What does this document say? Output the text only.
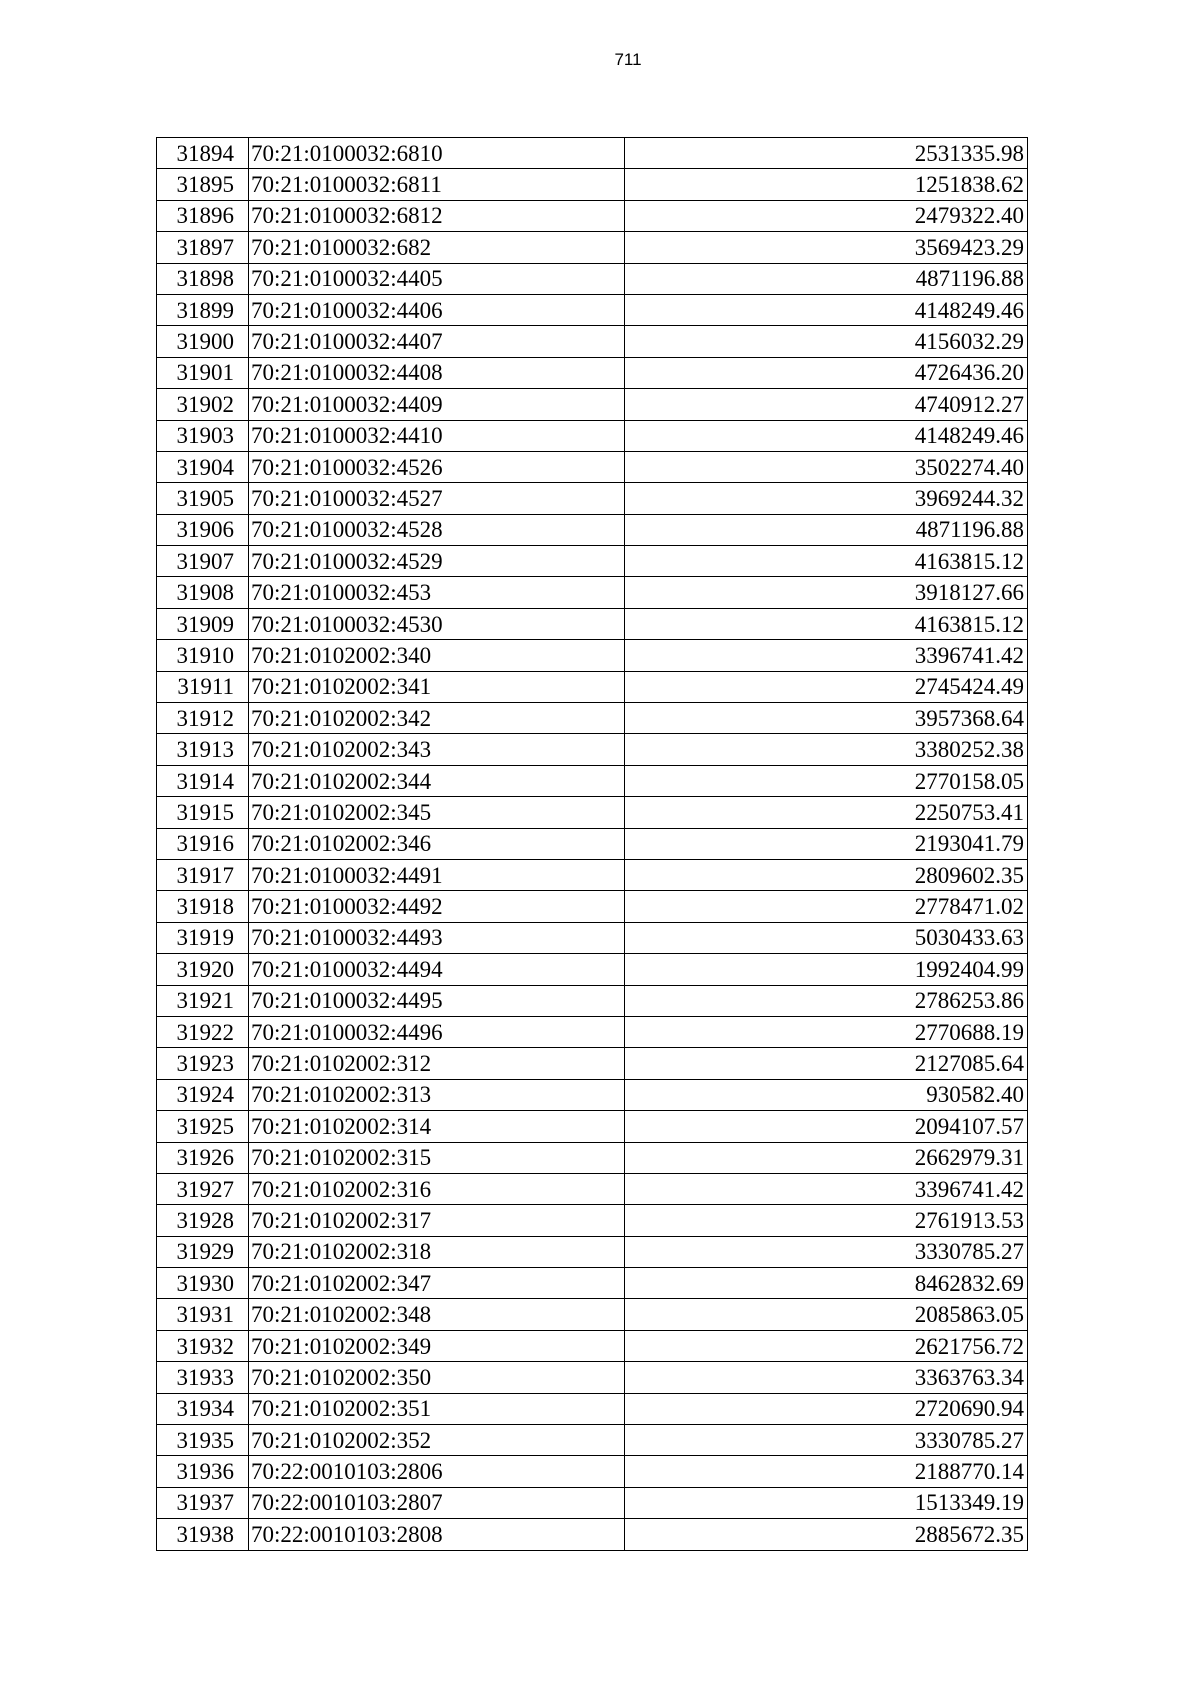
711
31894	70:21:0100032:6810	2531335.98
31895	70:21:0100032:6811	1251838.62
31896	70:21:0100032:6812	2479322.40
31897	70:21:0100032:682	3569423.29
31898	70:21:0100032:4405	4871196.88
31899	70:21:0100032:4406	4148249.46
31900	70:21:0100032:4407	4156032.29
31901	70:21:0100032:4408	4726436.20
31902	70:21:0100032:4409	4740912.27
31903	70:21:0100032:4410	4148249.46
31904	70:21:0100032:4526	3502274.40
31905	70:21:0100032:4527	3969244.32
31906	70:21:0100032:4528	4871196.88
31907	70:21:0100032:4529	4163815.12
31908	70:21:0100032:453	3918127.66
31909	70:21:0100032:4530	4163815.12
31910	70:21:0102002:340	3396741.42
31911	70:21:0102002:341	2745424.49
31912	70:21:0102002:342	3957368.64
31913	70:21:0102002:343	3380252.38
31914	70:21:0102002:344	2770158.05
31915	70:21:0102002:345	2250753.41
31916	70:21:0102002:346	2193041.79
31917	70:21:0100032:4491	2809602.35
31918	70:21:0100032:4492	2778471.02
31919	70:21:0100032:4493	5030433.63
31920	70:21:0100032:4494	1992404.99
31921	70:21:0100032:4495	2786253.86
31922	70:21:0100032:4496	2770688.19
31923	70:21:0102002:312	2127085.64
31924	70:21:0102002:313	930582.40
31925	70:21:0102002:314	2094107.57
31926	70:21:0102002:315	2662979.31
31927	70:21:0102002:316	3396741.42
31928	70:21:0102002:317	2761913.53
31929	70:21:0102002:318	3330785.27
31930	70:21:0102002:347	8462832.69
31931	70:21:0102002:348	2085863.05
31932	70:21:0102002:349	2621756.72
31933	70:21:0102002:350	3363763.34
31934	70:21:0102002:351	2720690.94
31935	70:21:0102002:352	3330785.27
31936	70:22:0010103:2806	2188770.14
31937	70:22:0010103:2807	1513349.19
31938	70:22:0010103:2808	2885672.35
